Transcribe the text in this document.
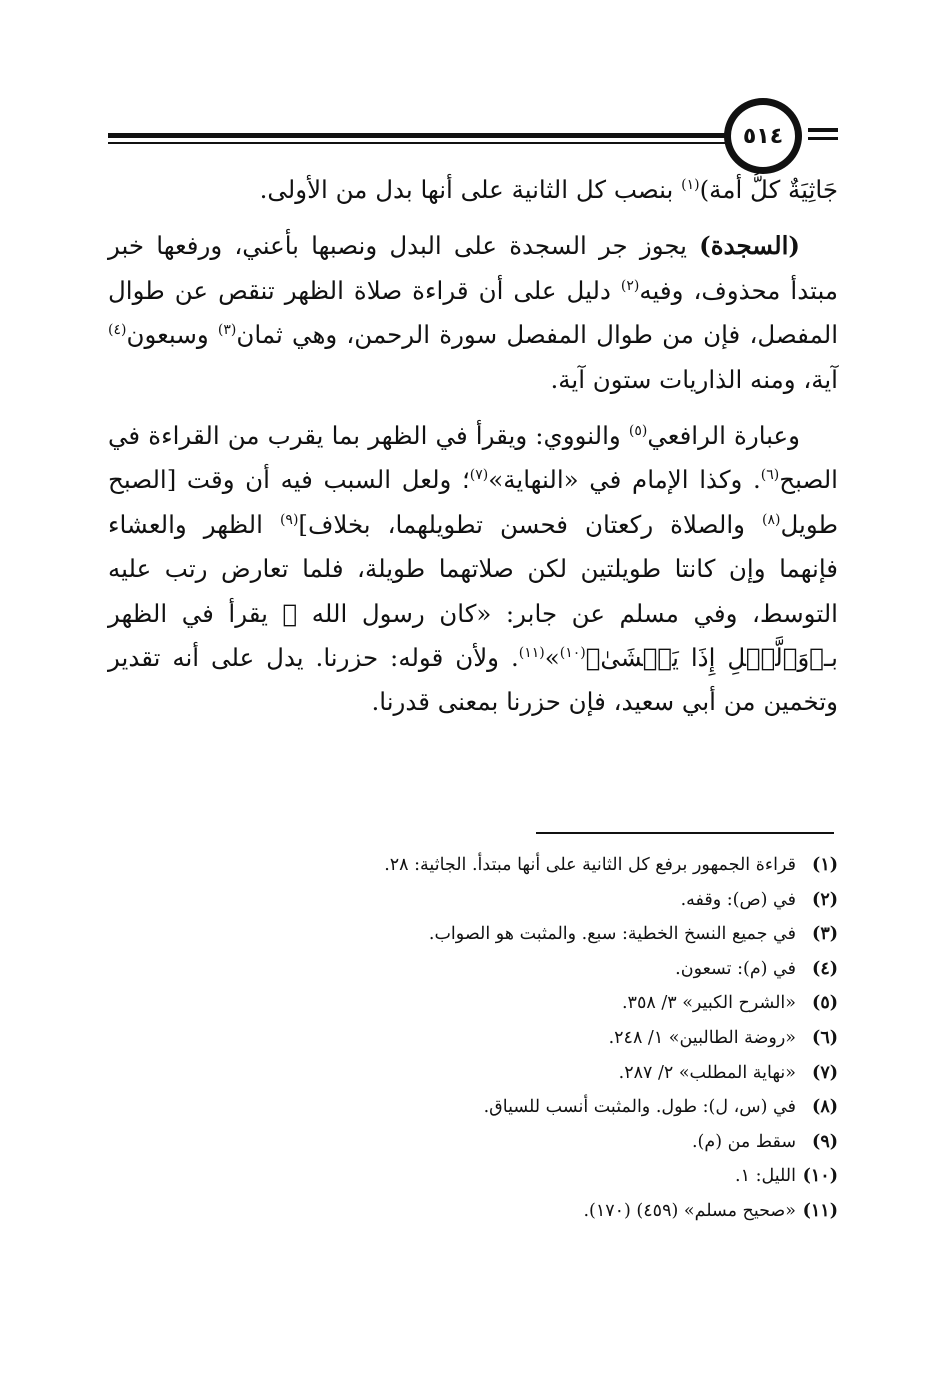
٥١٤

جَاثِيَةٌ كلُّ أمة)$^{(١)}$ بنصب كل الثانية على أنها بدل من الأولى.

(السجدة) يجوز جر السجدة على البدل ونصبها بأعني، ورفعها خبر مبتدأ محذوف، وفيه$^{(٢)}$ دليل على أن قراءة صلاة الظهر تنقص عن طوال المفصل، فإن من طوال المفصل سورة الرحمن، وهي ثمان$^{(٣)}$ وسبعون$^{(٤)}$ آية، ومنه الذاريات ستون آية.

وعبارة الرافعي$^{(٥)}$ والنووي: ويقرأ في الظهر بما يقرب من القراءة في الصبح$^{(٦)}$. وكذا الإمام في «النهاية»$^{(٧)}$؛ ولعل السبب فيه أن وقت [الصبح طويل$^{(٨)}$ والصلاة ركعتان فحسن تطويلهما، بخلاف]$^{(٩)}$ الظهر والعشاء فإنهما وإن كانتا طويلتين لكن صلاتهما طويلة، فلما تعارض رتب عليه التوسط، وفي مسلم عن جابر: «كان رسول الله ﷺ يقرأ في الظهر بـ﴿وَٱلَّيۡلِ إِذَا يَغۡشَىٰ﴾$^{(١٠)}$»$^{(١١)}$. ولأن قوله: حزرنا. يدل على أنه تقدير وتخمين من أبي سعيد، فإن حزرنا بمعنى قدرنا.

(١)
قراءة الجمهور برفع كل الثانية على أنها مبتدأ. الجاثية: ٢٨.
(٢)
في (ص): وقفه.
(٣)
في جميع النسخ الخطية: سبع. والمثبت هو الصواب.
(٤)
في (م): تسعون.
(٥)
«الشرح الكبير» ٣/ ٣٥٨.
(٦)
«روضة الطالبين» ١/ ٢٤٨.
(٧)
«نهاية المطلب» ٢/ ٢٨٧.
(٨)
في (س، ل): طول. والمثبت أنسب للسياق.
(٩)
سقط من (م).
(١٠)
الليل: ١.
(١١)
«صحيح مسلم» (٤٥٩) (١٧٠).
